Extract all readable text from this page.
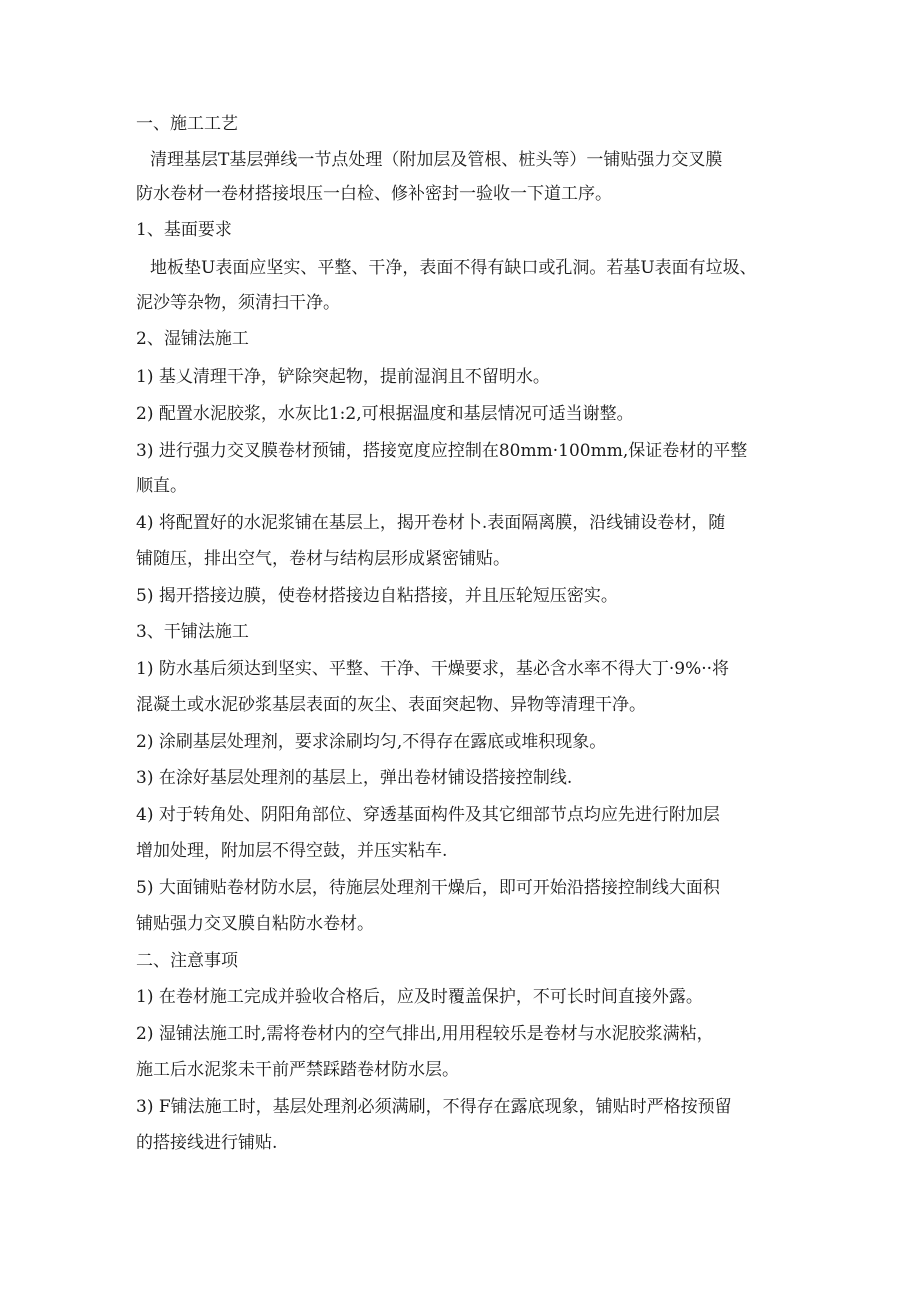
一、施工工艺
清理基层T基层弹线一节点处理（附加层及管根、桩头等）一铺贴强力交叉膜
防水卷材一卷材搭接垠压一白检、修补密封一验收一下道工序。
1、基面要求
地板垫U表面应坚实、平整、干净，表面不得有缺口或孔洞。若基U表面有垃圾、
泥沙等杂物，须清扫干净。
2、湿铺法施工
1) 基乂清理干净，铲除突起物，提前湿润且不留明水。
2) 配置水泥胶浆，水灰比1:2,可根据温度和基层情况可适当谢整。
3) 进行强力交叉膜卷材预铺，搭接宽度应控制在80mm·100mm,保证卷材的平整
顺直。
4) 将配置好的水泥浆铺在基层上，揭开卷材卜.表面隔离膜，沿线铺设卷材，随
铺随压，排出空气，卷材与结构层形成紧密铺贴。
5) 揭开搭接边膜，使卷材搭接边自粘搭接，并且压轮短压密实。
3、干铺法施工
1) 防水基后须达到坚实、平整、干净、干燥要求，基必含水率不得大丁·9%··将
混凝土或水泥砂浆基层表面的灰尘、表面突起物、异物等清理干净。
2) 涂刷基层处理剂，要求涂刷均匀,不得存在露底或堆积现象。
3) 在涂好基层处理剂的基层上，弹出卷材铺设搭接控制线.
4) 对于转角处、阴阳角部位、穿透基面构件及其它细部节点均应先进行附加层
增加处理，附加层不得空鼓，并压实粘车.
5) 大面铺贴卷材防水层，待施层处理剂干燥后，即可开始沿搭接控制线大面积
铺贴强力交叉膜自粘防水卷材。
二、注意事项
1) 在卷材施工完成并验收合格后，应及时覆盖保护，不可长时间直接外露。
2) 湿铺法施工时,需将卷材内的空气排出,用用程较乐是卷材与水泥胶浆满粘，
施工后水泥浆未干前严禁踩踏卷材防水层。
3) F铺法施工时，基层处理剂必须满刷，不得存在露底现象，铺贴时严格按预留
的搭接线进行铺贴.
